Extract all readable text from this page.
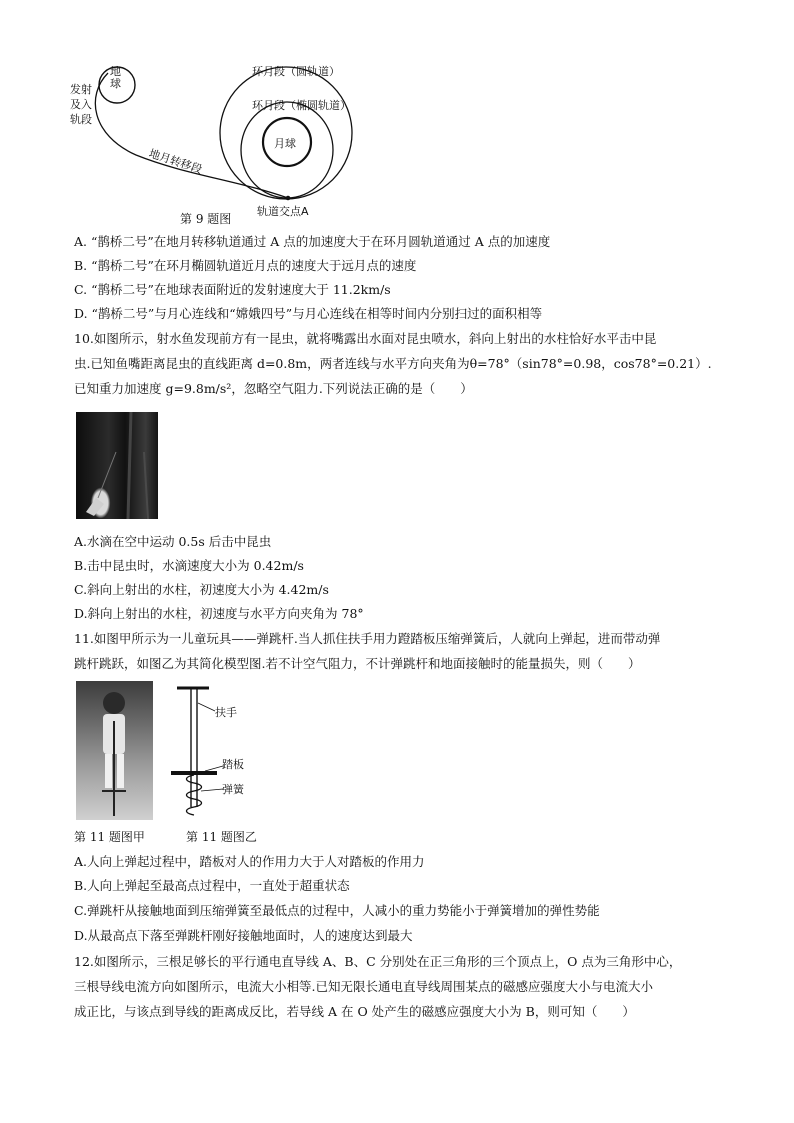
地
球
发射
及入
轨段
地月转移段
环月段（圆轨道）
环月段（椭圆轨道）
月球
轨道交点A
第 9 题图
A. “鹊桥二号”在地月转移轨道通过 A 点的加速度大于在环月圆轨道通过 A 点的加速度
B. “鹊桥二号”在环月椭圆轨道近月点的速度大于远月点的速度
C. “鹊桥二号”在地球表面附近的发射速度大于 11.2km/s
D. “鹊桥二号”与月心连线和“嫦娥四号”与月心连线在相等时间内分别扫过的面积相等
10.如图所示，射水鱼发现前方有一昆虫，就将嘴露出水面对昆虫喷水，斜向上射出的水柱恰好水平击中昆
虫.已知鱼嘴距离昆虫的直线距离 d=0.8m，两者连线与水平方向夹角为θ=78°（sin78°=0.98，cos78°=0.21）.
已知重力加速度 g=9.8m/s²，忽略空气阻力.下列说法正确的是（　　）
A.水滴在空中运动 0.5s 后击中昆虫
B.击中昆虫时，水滴速度大小为 0.42m/s
C.斜向上射出的水柱，初速度大小为 4.42m/s
D.斜向上射出的水柱，初速度与水平方向夹角为 78°
11.如图甲所示为一儿童玩具——弹跳杆.当人抓住扶手用力蹬踏板压缩弹簧后，人就向上弹起，进而带动弹
跳杆跳跃，如图乙为其简化模型图.若不计空气阻力，不计弹跳杆和地面接触时的能量损失，则（　　）
扶手
踏板
弹簧
第 11 题图甲	第 11 题图乙
A.人向上弹起过程中，踏板对人的作用力大于人对踏板的作用力
B.人向上弹起至最高点过程中，一直处于超重状态
C.弹跳杆从接触地面到压缩弹簧至最低点的过程中，人减小的重力势能小于弹簧增加的弹性势能
D.从最高点下落至弹跳杆刚好接触地面时，人的速度达到最大
12.如图所示，三根足够长的平行通电直导线 A、B、C 分别处在正三角形的三个顶点上，O 点为三角形中心，
三根导线电流方向如图所示，电流大小相等.已知无限长通电直导线周围某点的磁感应强度大小与电流大小
成正比，与该点到导线的距离成反比，若导线 A 在 O 处产生的磁感应强度大小为 B，则可知（　　）
